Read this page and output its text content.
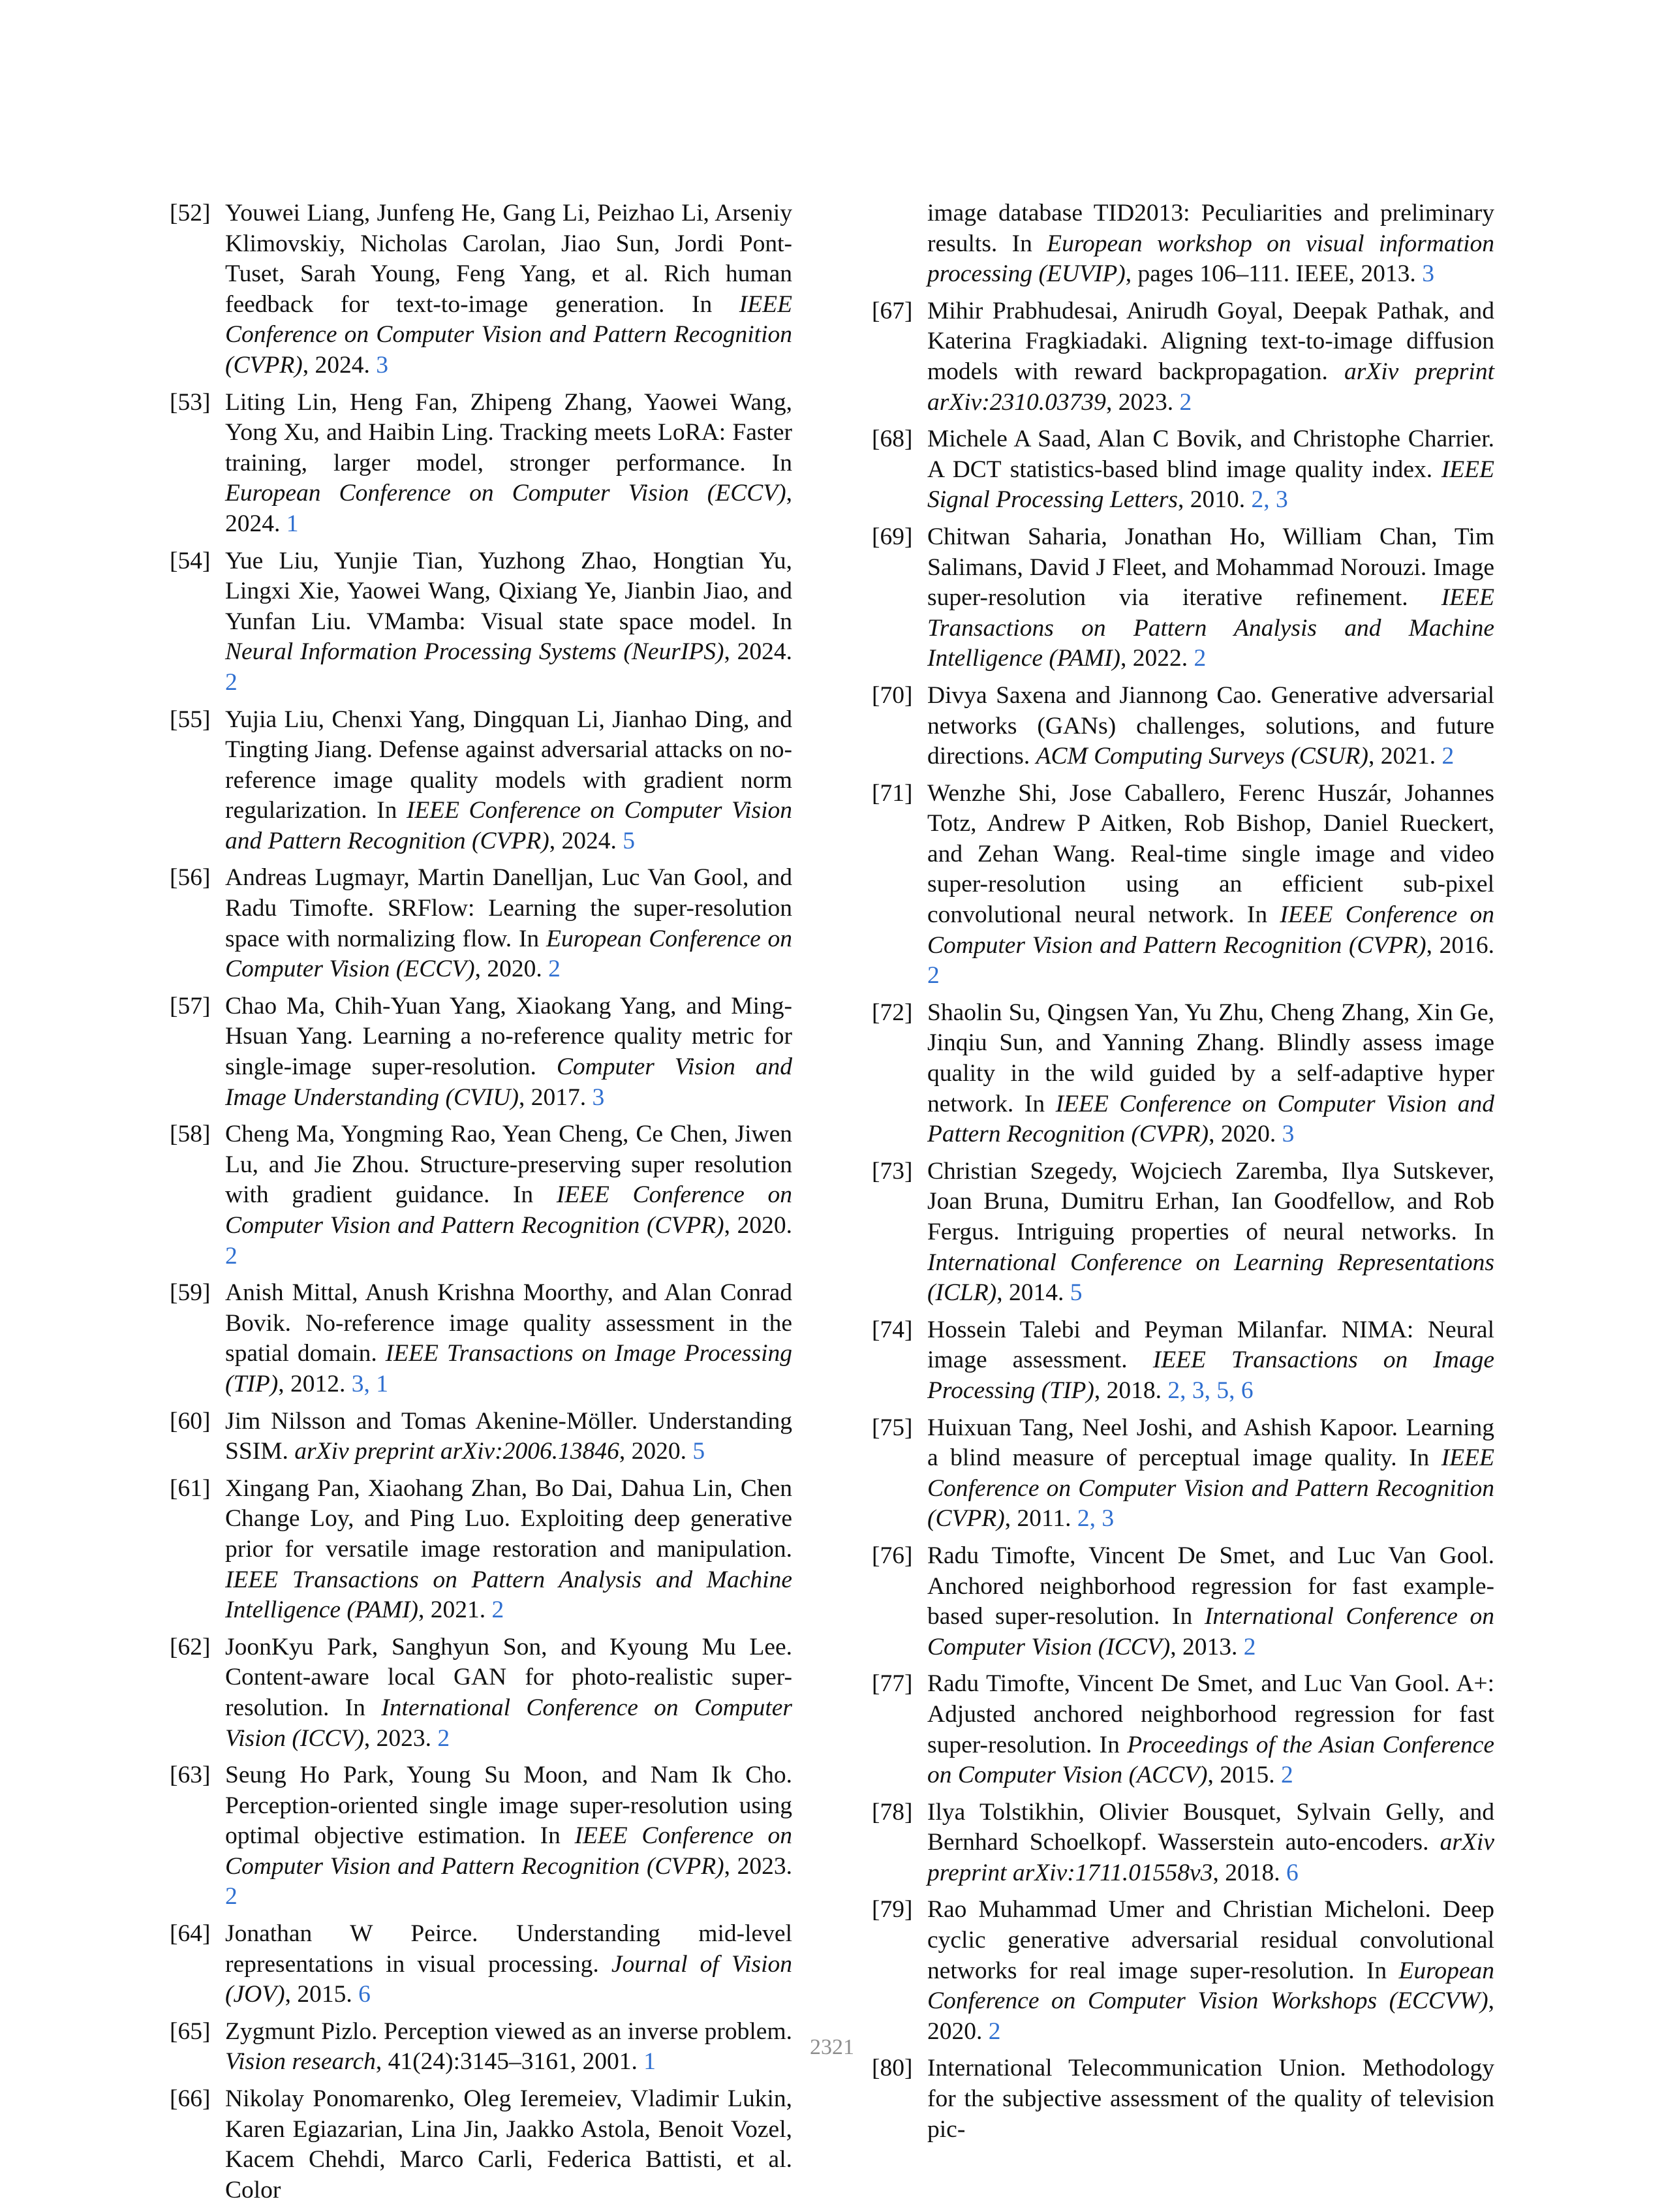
[52] Youwei Liang, Junfeng He, Gang Li, Peizhao Li, Arseniy Klimovskiy, Nicholas Carolan, Jiao Sun, Jordi Pont-Tuset, Sarah Young, Feng Yang, et al. Rich human feedback for text-to-image generation. In IEEE Conference on Computer Vision and Pattern Recognition (CVPR), 2024. 3
[53] Liting Lin, Heng Fan, Zhipeng Zhang, Yaowei Wang, Yong Xu, and Haibin Ling. Tracking meets LoRA: Faster training, larger model, stronger performance. In European Conference on Computer Vision (ECCV), 2024. 1
[54] Yue Liu, Yunjie Tian, Yuzhong Zhao, Hongtian Yu, Lingxi Xie, Yaowei Wang, Qixiang Ye, Jianbin Jiao, and Yunfan Liu. VMamba: Visual state space model. In Neural Information Processing Systems (NeurIPS), 2024. 2
[55] Yujia Liu, Chenxi Yang, Dingquan Li, Jianhao Ding, and Tingting Jiang. Defense against adversarial attacks on no-reference image quality models with gradient norm regularization. In IEEE Conference on Computer Vision and Pattern Recognition (CVPR), 2024. 5
[56] Andreas Lugmayr, Martin Danelljan, Luc Van Gool, and Radu Timofte. SRFlow: Learning the super-resolution space with normalizing flow. In European Conference on Computer Vision (ECCV), 2020. 2
[57] Chao Ma, Chih-Yuan Yang, Xiaokang Yang, and Ming-Hsuan Yang. Learning a no-reference quality metric for single-image super-resolution. Computer Vision and Image Understanding (CVIU), 2017. 3
[58] Cheng Ma, Yongming Rao, Yean Cheng, Ce Chen, Jiwen Lu, and Jie Zhou. Structure-preserving super resolution with gradient guidance. In IEEE Conference on Computer Vision and Pattern Recognition (CVPR), 2020. 2
[59] Anish Mittal, Anush Krishna Moorthy, and Alan Conrad Bovik. No-reference image quality assessment in the spatial domain. IEEE Transactions on Image Processing (TIP), 2012. 3, 1
[60] Jim Nilsson and Tomas Akenine-Möller. Understanding SSIM. arXiv preprint arXiv:2006.13846, 2020. 5
[61] Xingang Pan, Xiaohang Zhan, Bo Dai, Dahua Lin, Chen Change Loy, and Ping Luo. Exploiting deep generative prior for versatile image restoration and manipulation. IEEE Transactions on Pattern Analysis and Machine Intelligence (PAMI), 2021. 2
[62] JoonKyu Park, Sanghyun Son, and Kyoung Mu Lee. Content-aware local GAN for photo-realistic super-resolution. In International Conference on Computer Vision (ICCV), 2023. 2
[63] Seung Ho Park, Young Su Moon, and Nam Ik Cho. Perception-oriented single image super-resolution using optimal objective estimation. In IEEE Conference on Computer Vision and Pattern Recognition (CVPR), 2023. 2
[64] Jonathan W Peirce. Understanding mid-level representations in visual processing. Journal of Vision (JOV), 2015. 6
[65] Zygmunt Pizlo. Perception viewed as an inverse problem. Vision research, 41(24):3145–3161, 2001. 1
[66] Nikolay Ponomarenko, Oleg Ieremeiev, Vladimir Lukin, Karen Egiazarian, Lina Jin, Jaakko Astola, Benoit Vozel, Kacem Chehdi, Marco Carli, Federica Battisti, et al. Color
image database TID2013: Peculiarities and preliminary results. In European workshop on visual information processing (EUVIP), pages 106–111. IEEE, 2013. 3
[67] Mihir Prabhudesai, Anirudh Goyal, Deepak Pathak, and Katerina Fragkiadaki. Aligning text-to-image diffusion models with reward backpropagation. arXiv preprint arXiv:2310.03739, 2023. 2
[68] Michele A Saad, Alan C Bovik, and Christophe Charrier. A DCT statistics-based blind image quality index. IEEE Signal Processing Letters, 2010. 2, 3
[69] Chitwan Saharia, Jonathan Ho, William Chan, Tim Salimans, David J Fleet, and Mohammad Norouzi. Image super-resolution via iterative refinement. IEEE Transactions on Pattern Analysis and Machine Intelligence (PAMI), 2022. 2
[70] Divya Saxena and Jiannong Cao. Generative adversarial networks (GANs) challenges, solutions, and future directions. ACM Computing Surveys (CSUR), 2021. 2
[71] Wenzhe Shi, Jose Caballero, Ferenc Huszár, Johannes Totz, Andrew P Aitken, Rob Bishop, Daniel Rueckert, and Zehan Wang. Real-time single image and video super-resolution using an efficient sub-pixel convolutional neural network. In IEEE Conference on Computer Vision and Pattern Recognition (CVPR), 2016. 2
[72] Shaolin Su, Qingsen Yan, Yu Zhu, Cheng Zhang, Xin Ge, Jinqiu Sun, and Yanning Zhang. Blindly assess image quality in the wild guided by a self-adaptive hyper network. In IEEE Conference on Computer Vision and Pattern Recognition (CVPR), 2020. 3
[73] Christian Szegedy, Wojciech Zaremba, Ilya Sutskever, Joan Bruna, Dumitru Erhan, Ian Goodfellow, and Rob Fergus. Intriguing properties of neural networks. In International Conference on Learning Representations (ICLR), 2014. 5
[74] Hossein Talebi and Peyman Milanfar. NIMA: Neural image assessment. IEEE Transactions on Image Processing (TIP), 2018. 2, 3, 5, 6
[75] Huixuan Tang, Neel Joshi, and Ashish Kapoor. Learning a blind measure of perceptual image quality. In IEEE Conference on Computer Vision and Pattern Recognition (CVPR), 2011. 2, 3
[76] Radu Timofte, Vincent De Smet, and Luc Van Gool. Anchored neighborhood regression for fast example-based super-resolution. In International Conference on Computer Vision (ICCV), 2013. 2
[77] Radu Timofte, Vincent De Smet, and Luc Van Gool. A+: Adjusted anchored neighborhood regression for fast super-resolution. In Proceedings of the Asian Conference on Computer Vision (ACCV), 2015. 2
[78] Ilya Tolstikhin, Olivier Bousquet, Sylvain Gelly, and Bernhard Schoelkopf. Wasserstein auto-encoders. arXiv preprint arXiv:1711.01558v3, 2018. 6
[79] Rao Muhammad Umer and Christian Micheloni. Deep cyclic generative adversarial residual convolutional networks for real image super-resolution. In European Conference on Computer Vision Workshops (ECCVW), 2020. 2
[80] International Telecommunication Union. Methodology for the subjective assessment of the quality of television pic-
2321
